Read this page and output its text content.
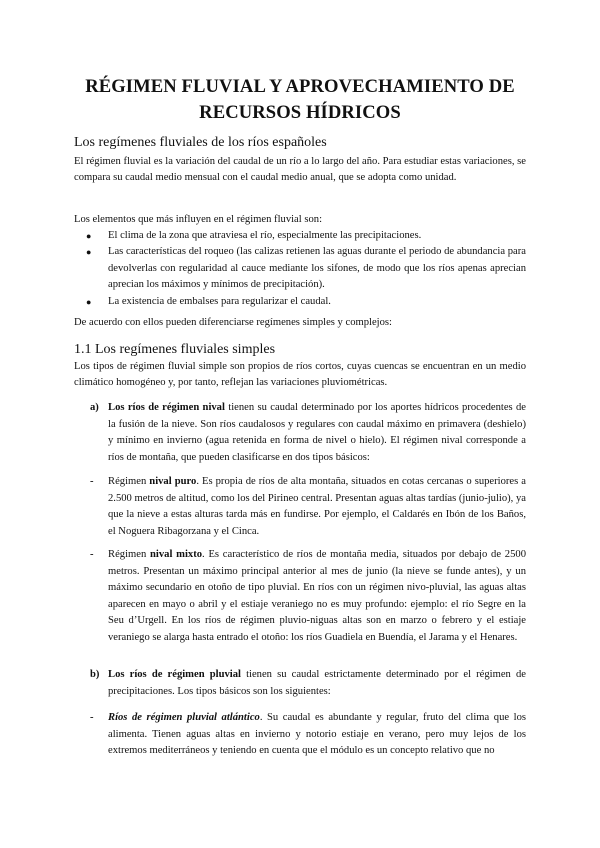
RÉGIMEN FLUVIAL Y APROVECHAMIENTO DE
RECURSOS HÍDRICOS
Los regímenes fluviales de los ríos españoles

El régimen fluvial es la variación del caudal de un río a lo largo del año. Para estudiar estas variaciones, se compara su caudal medio mensual con el caudal medio anual, que se adopta como unidad.

Los elementos que más influyen en el régimen fluvial son:

● El clima de la zona que atraviesa el río, especialmente las precipitaciones.
● Las características del roqueo (las calizas retienen las aguas durante el periodo de abundancia para devolverlas con regularidad al cauce mediante los sifones, de modo que los ríos apenas aprecian aprecian los máximos y mínimos de precipitación).
● La existencia de embalses para regularizar el caudal.

De acuerdo con ellos pueden diferenciarse regímenes simples y complejos:

1.1 Los regímenes fluviales simples

Los tipos de régimen fluvial simple son propios de ríos cortos, cuyas cuencas se encuentran en un medio climático homogéneo y, por tanto, reflejan las variaciones pluviométricas.

a) Los ríos de régimen nival tienen su caudal determinado por los aportes hídricos procedentes de la fusión de la nieve. Son ríos caudalosos y regulares con caudal máximo en primavera (deshielo) y mínimo en invierno (agua retenida en forma de nivel o hielo). El régimen nival corresponde a ríos de montaña, que pueden clasificarse en dos tipos básicos:
-	Régimen nival puro. Es propia de ríos de alta montaña, situados en cotas cercanas o superiores a 2.500 metros de altitud, como los del Pirineo central. Presentan aguas altas tardías (junio-julio), ya que la nieve a estas alturas tarda más en fundirse. Por ejemplo, el Caldarés en Ibón de los Baños, el Noguera Ribagorzana y el Cinca.
-	Régimen nival mixto. Es característico de ríos de montaña media, situados por debajo de 2500 metros. Presentan un máximo principal anterior al mes de junio (la nieve se funde antes), y un máximo secundario en otoño de tipo pluvial. En ríos con un régimen nivo-pluvial, las aguas altas aparecen en mayo o abril y el estiaje veraniego no es muy profundo: ejemplo: el río Segre en la Seu d’Urgell. En los ríos de régimen pluvio-niguas altas son en marzo o febrero y el estiaje veraniego se alarga hasta entrado el otoño: los ríos Guadiela en Buendía, el Jarama y el Henares.
b) Los ríos de régimen pluvial tienen su caudal estrictamente determinado por el régimen de precipitaciones. Los tipos básicos son los siguientes:
-	Ríos de régimen pluvial atlántico. Su caudal es abundante y regular, fruto del clima que los alimenta. Tienen aguas altas en invierno y notorio estiaje en verano, pero muy lejos de los extremos mediterráneos y teniendo en cuenta que el módulo es un concepto relativo que no
